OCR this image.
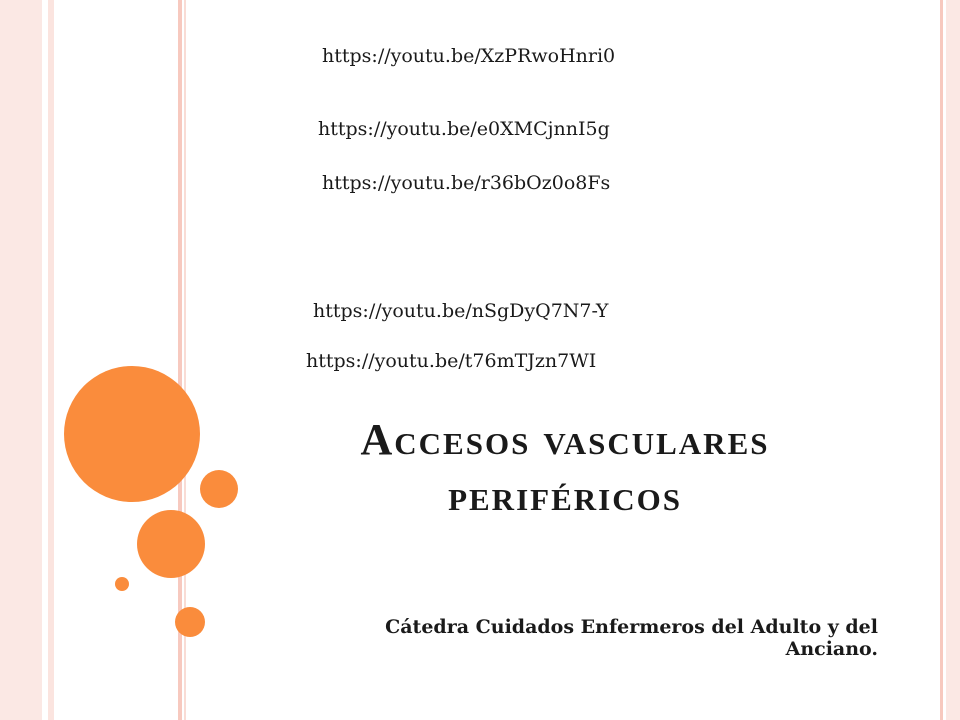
https://youtu.be/XzPRwoHnri0
https://youtu.be/e0XMCjnnI5g
https://youtu.be/r36bOz0o8Fs
https://youtu.be/nSgDyQ7N7-Y
https://youtu.be/t76mTJzn7WI
Accesos vasculares
periféricos
Cátedra Cuidados Enfermeros del Adulto y del Anciano.
